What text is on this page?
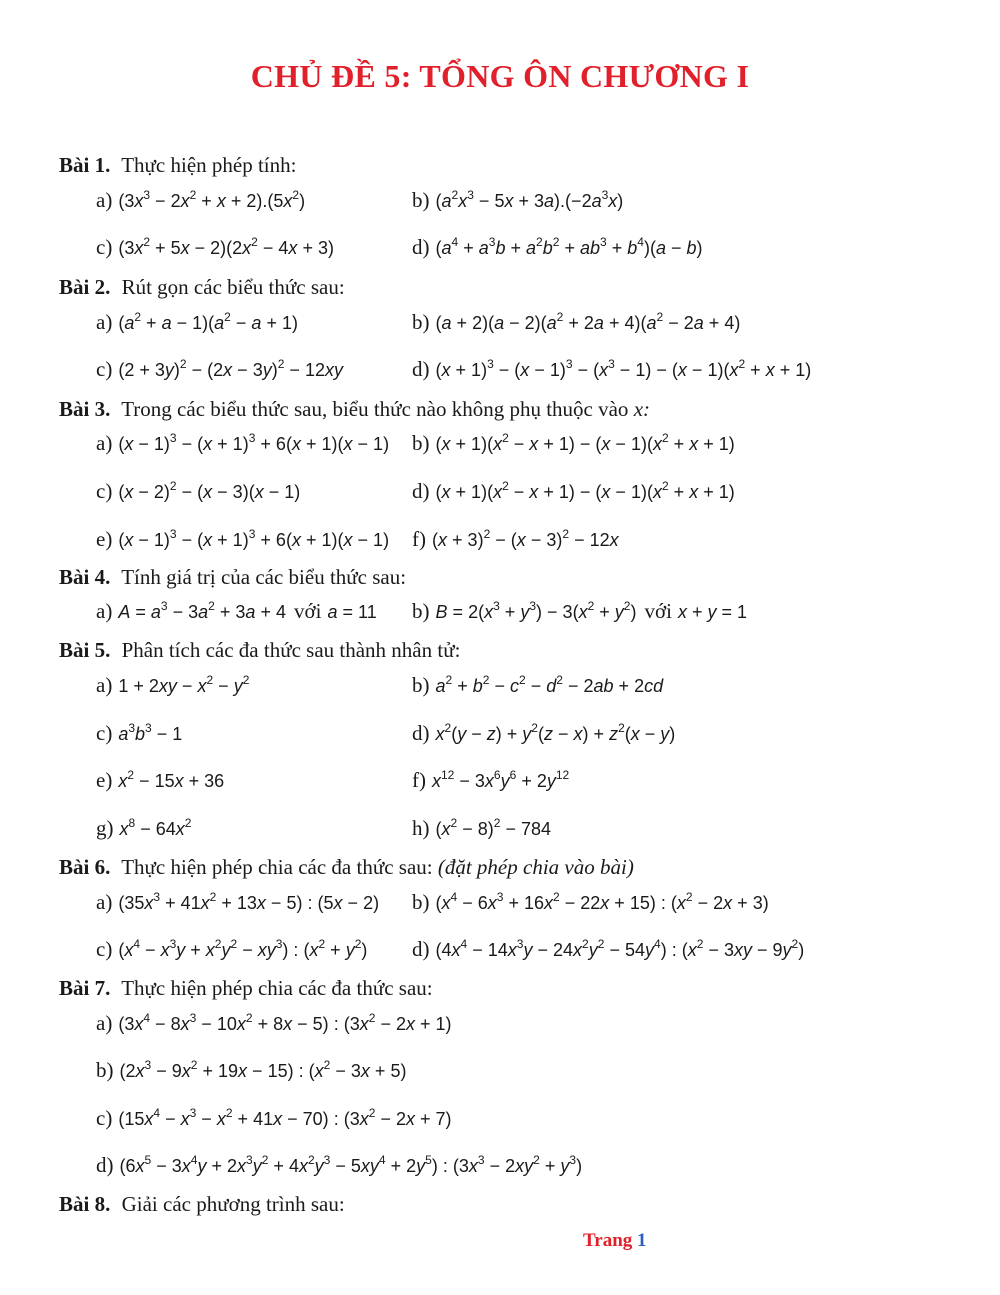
CHỦ ĐỀ 5: TỔNG ÔN CHƯƠNG I
Bài 1. Thực hiện phép tính:
a) $(3x^3 - 2x^2 + x + 2).(5x^2)$	b) $(a^2x^3 - 5x + 3a).(-2a^3x)$
c) $(3x^2 + 5x - 2)(2x^2 - 4x + 3)$	d) $(a^4 + a^3b + a^2b^2 + ab^3 + b^4)(a - b)$
Bài 2. Rút gọn các biểu thức sau:
a) $(a^2 + a - 1)(a^2 - a + 1)$	b) $(a + 2)(a - 2)(a^2 + 2a + 4)(a^2 - 2a + 4)$
c) $(2 + 3y)^2 - (2x - 3y)^2 - 12xy$	d) $(x + 1)^3 - (x - 1)^3 - (x^3 - 1) - (x - 1)(x^2 + x + 1)$
Bài 3. Trong các biểu thức sau, biểu thức nào không phụ thuộc vào x:
a) $(x - 1)^3 - (x + 1)^3 + 6(x + 1)(x - 1)$ b) $(x + 1)(x^2 - x + 1) - (x - 1)(x^2 + x + 1)$
c) $(x - 2)^2 - (x - 3)(x - 1)$	d) $(x + 1)(x^2 - x + 1) - (x - 1)(x^2 + x + 1)$
e) $(x - 1)^3 - (x + 1)^3 + 6(x + 1)(x - 1)$ f) $(x + 3)^2 - (x - 3)^2 - 12x$
Bài 4. Tính giá trị của các biểu thức sau:
a) $A = a^3 - 3a^2 + 3a + 4$ với a = 11 b) $B = 2(x^3 + y^3) - 3(x^2 + y^2)$ với x + y = 1
Bài 5. Phân tích các đa thức sau thành nhân tử:
a) $1 + 2xy - x^2 - y^2$	b) $a^2 + b^2 - c^2 - d^2 - 2ab + 2cd$
c) $a^3b^3 - 1$	d) $x^2(y - z) + y^2(z - x) + z^2(x - y)$
e) $x^2 - 15x + 36$	f) $x^{12} - 3x^6y^6 + 2y^{12}$
g) $x^8 - 64x^2$	h) $(x^2 - 8)^2 - 784$
Bài 6. Thực hiện phép chia các đa thức sau: (đặt phép chia vào bài)
a) $(35x^3 + 41x^2 + 13x - 5)$ : (5x − 2) b) $(x^4 - 6x^3 + 16x^2 - 22x + 15)$ : $(x^2 - 2x + 3)$
c) $(x^4 - x^3y + x^2y^2 - xy^3)$ : $(x^2 + y^2)$ d) $(4x^4 - 14x^3y - 24x^2y^2 - 54y^4)$ : $(x^2 - 3xy - 9y^2)$
Bài 7. Thực hiện phép chia các đa thức sau:
a) $(3x^4 - 8x^3 - 10x^2 + 8x - 5)$ : $(3x^2 - 2x + 1)$
b) $(2x^3 - 9x^2 + 19x - 15)$ : $(x^2 - 3x + 5)$
c) $(15x^4 - x^3 - x^2 + 41x - 70)$ : $(3x^2 - 2x + 7)$
d) $(6x^5 - 3x^4y + 2x^3y^2 + 4x^2y^3 - 5xy^4 + 2y^5)$ : $(3x^3 - 2xy^2 + y^3)$
Bài 8. Giải các phương trình sau:
Trang 1
